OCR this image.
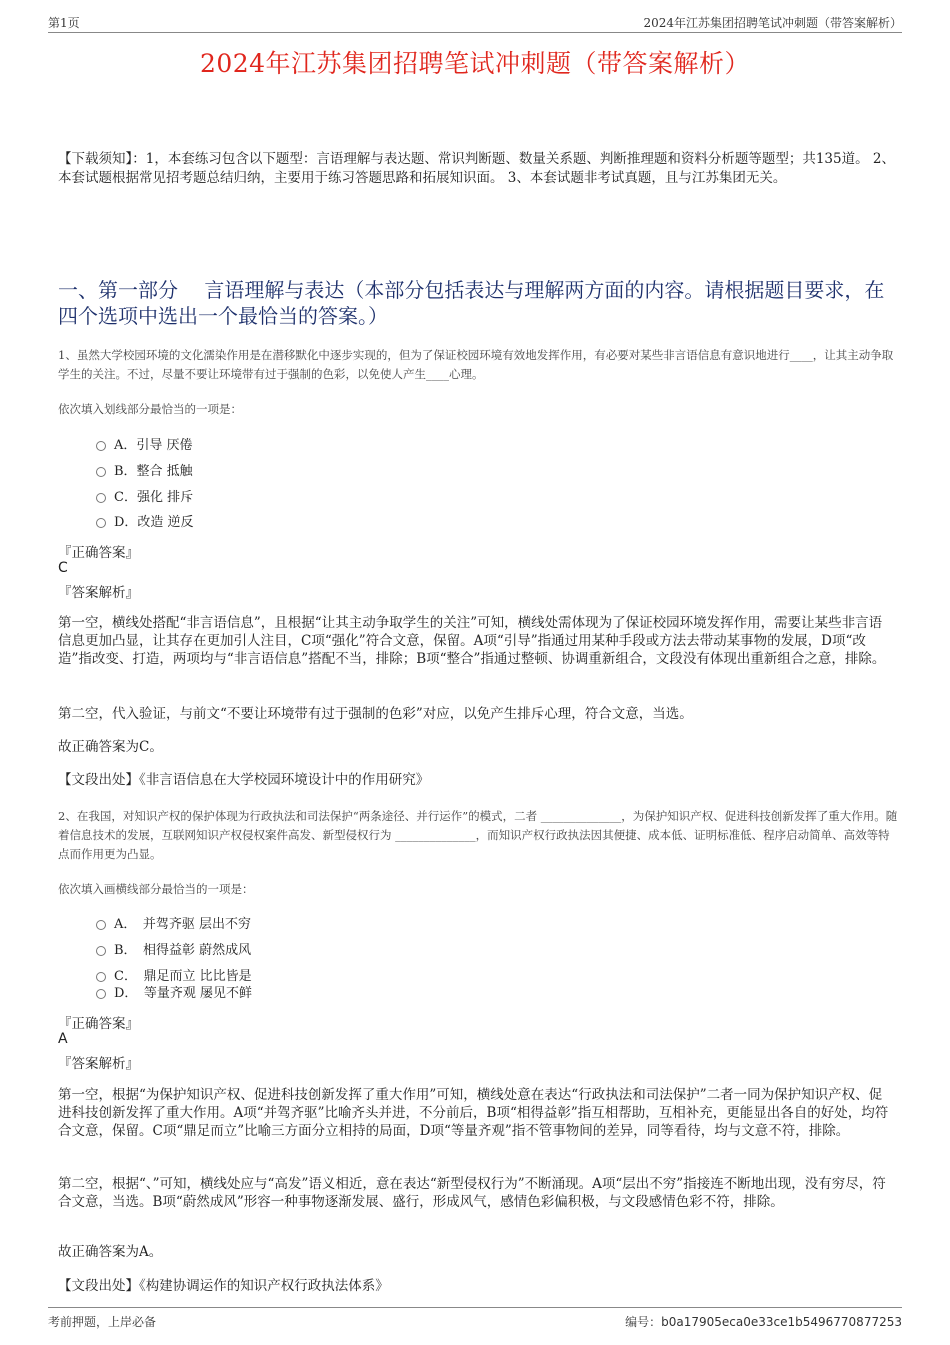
第1页	2024年江苏集团招聘笔试冲刺题（带答案解析）
2024年江苏集团招聘笔试冲刺题（带答案解析）
【下载须知】：1，本套练习包含以下题型：言语理解与表达题、常识判断题、数量关系题、判断推理题和资料分析题等题型；共135道。 2、本套试题根据常见招考题总结归纳，主要用于练习答题思路和拓展知识面。 3、本套试题非考试真题，且与江苏集团无关。
一、第一部分　 言语理解与表达（本部分包括表达与理解两方面的内容。请根据题目要求，在四个选项中选出一个最恰当的答案。）
1、虽然大学校园环境的文化濡染作用是在潜移默化中逐步实现的，但为了保证校园环境有效地发挥作用，有必要对某些非言语信息有意识地进行____，让其主动争取学生的关注。不过，尽量不要让环境带有过于强制的色彩，以免使人产生____心理。
依次填入划线部分最恰当的一项是：
A．引导 厌倦
B．整合 抵触
C．强化 排斥
D．改造 逆反
『正确答案』
C
『答案解析』
第一空，横线处搭配“非言语信息”，且根据“让其主动争取学生的关注”可知，横线处需体现为了保证校园环境发挥作用，需要让某些非言语信息更加凸显，让其存在更加引人注目，C项“强化”符合文意，保留。A项“引导”指通过用某种手段或方法去带动某事物的发展，D项“改造”指改变、打造，两项均与“非言语信息”搭配不当，排除；B项“整合”指通过整顿、协调重新组合，文段没有体现出重新组合之意，排除。
第二空，代入验证，与前文“不要让环境带有过于强制的色彩”对应，以免产生排斥心理，符合文意，当选。
故正确答案为C。
【文段出处】《非言语信息在大学校园环境设计中的作用研究》
2、在我国，对知识产权的保护体现为行政执法和司法保护“两条途径、并行运作”的模式，二者 ______________，为保护知识产权、促进科技创新发挥了重大作用。随着信息技术的发展，互联网知识产权侵权案件高发、新型侵权行为 ______________，而知识产权行政执法因其便捷、成本低、证明标准低、程序启动简单、高效等特点而作用更为凸显。
依次填入画横线部分最恰当的一项是：
A．　并驾齐驱 层出不穷
B．　相得益彰 蔚然成风
C．　鼎足而立 比比皆是
D．　等量齐观 屡见不鲜
『正确答案』
A
『答案解析』
第一空，根据“为保护知识产权、促进科技创新发挥了重大作用”可知，横线处意在表达“行政执法和司法保护”二者一同为保护知识产权、促进科技创新发挥了重大作用。A项“并驾齐驱”比喻齐头并进，不分前后，B项“相得益彰”指互相帮助，互相补充，更能显出各自的好处，均符合文意，保留。C项“鼎足而立”比喻三方面分立相持的局面，D项“等量齐观”指不管事物间的差异，同等看待，均与文意不符，排除。
第二空，根据“、”可知，横线处应与“高发”语义相近，意在表达“新型侵权行为”不断涌现。A项“层出不穷”指接连不断地出现，没有穷尽，符合文意，当选。B项“蔚然成风”形容一种事物逐渐发展、盛行，形成风气，感情色彩偏积极，与文段感情色彩不符，排除。
故正确答案为A。
【文段出处】《构建协调运作的知识产权行政执法体系》
考前押题，上岸必备	编号：b0a17905eca0e33ce1b5496770877253
